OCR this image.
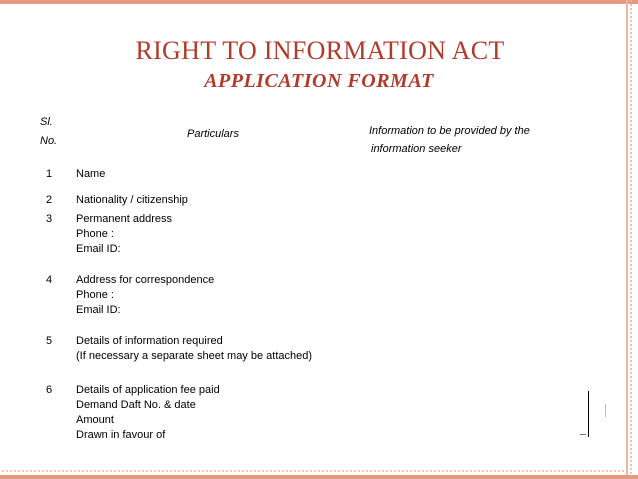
RIGHT TO INFORMATION ACT
APPLICATION FORMAT
Sl.
No.
Particulars	Information to be provided by the
information seeker
1 Name
2 Nationality / citizenship
3 Permanent address
Phone :
Email ID:
4 Address for correspondence
Phone :
Email ID:
5 Details of information required
(If necessary a separate sheet may be attached)
6 Details of application fee paid
Demand Daft No. & date
Amount
Drawn in favour of
